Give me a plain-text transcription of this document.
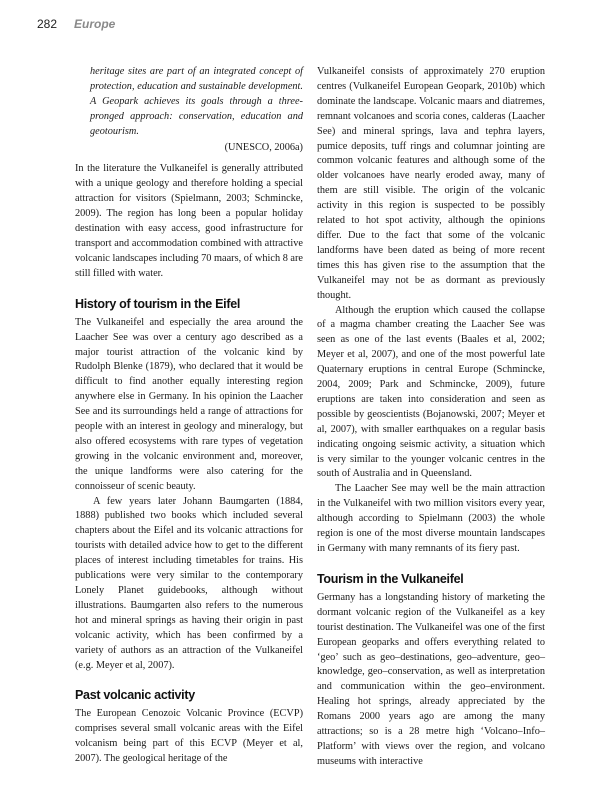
282 Europe

heritage sites are part of an integrated concept of protection, education and sustainable development. A Geopark achieves its goals through a three-pronged approach: conservation, education and geotourism.

(UNESCO, 2006a)

In the literature the Vulkaneifel is generally attributed with a unique geology and therefore holding a special attraction for visitors (Spielmann, 2003; Schmincke, 2009). The region has long been a popular holiday destination with easy access, good infrastructure for transport and accommodation combined with attractive volcanic landscapes including 70 maars, of which 8 are still filled with water.

History of tourism in the Eifel

The Vulkaneifel and especially the area around the Laacher See was over a century ago described as a major tourist attraction of the volcanic kind by Rudolph Blenke (1879), who declared that it would be difficult to find another equally interesting region anywhere else in Germany. In his opinion the Laacher See and its surroundings held a range of attractions for people with an interest in geology and mineralogy, but also offered ecosystems with rare types of vegetation growing in the volcanic environment and, moreover, the unique landforms were also catering for the connoisseur of scenic beauty.

A few years later Johann Baumgarten (1884, 1888) published two books which included several chapters about the Eifel and its volcanic attractions for tourists with detailed advice how to get to the different places of interest including timetables for trains. His publications were very similar to the contemporary Lonely Planet guidebooks, although without illustrations. Baumgarten also refers to the numerous hot and mineral springs as having their origin in past volcanic activity, which has been confirmed by a variety of authors as an attraction of the Vulkaneifel (e.g. Meyer et al, 2007).

Past volcanic activity

The European Cenozoic Volcanic Province (ECVP) comprises several small volcanic areas with the Eifel volcanism being part of this ECVP (Meyer et al, 2007). The geological heritage of the

Vulkaneifel consists of approximately 270 eruption centres (Vulkaneifel European Geopark, 2010b) which dominate the landscape. Volcanic maars and diatremes, remnant volcanoes and scoria cones, calderas (Laacher See) and mineral springs, lava and tephra layers, pumice deposits, tuff rings and columnar jointing are common volcanic features and although some of the older volcanoes have nearly eroded away, many of them are still visible. The origin of the volcanic activity in this region is suspected to be possibly related to hot spot activity, although the opinions differ. Due to the fact that some of the volcanic landforms have been dated as being of more recent times this has given rise to the assumption that the Vulkaneifel may not be as dormant as previously thought.

Although the eruption which caused the collapse of a magma chamber creating the Laacher See was seen as one of the last events (Baales et al, 2002; Meyer et al, 2007), and one of the most powerful late Quaternary eruptions in central Europe (Schmincke, 2004, 2009; Park and Schmincke, 2009), future eruptions are taken into consideration and seen as possible by geoscientists (Bojanowski, 2007; Meyer et al, 2007), with smaller earthquakes on a regular basis indicating ongoing seismic activity, a situation which is very similar to the younger volcanic centres in the south of Australia and in Queensland.

The Laacher See may well be the main attraction in the Vulkaneifel with two million visitors every year, although according to Spielmann (2003) the whole region is one of the most diverse mountain landscapes in Germany with many remnants of its fiery past.

Tourism in the Vulkaneifel

Germany has a longstanding history of marketing the dormant volcanic region of the Vulkaneifel as a key tourist destination. The Vulkaneifel was one of the first European geoparks and offers everything related to ‘geo’ such as geo–destinations, geo–adventure, geo–knowledge, geo–conservation, as well as interpretation and communication within the geo–environment. Healing hot springs, already appreciated by the Romans 2000 years ago are among the many attractions; so is a 28 metre high ‘Volcano–Info–Platform’ with views over the region, and volcano museums with interactive
